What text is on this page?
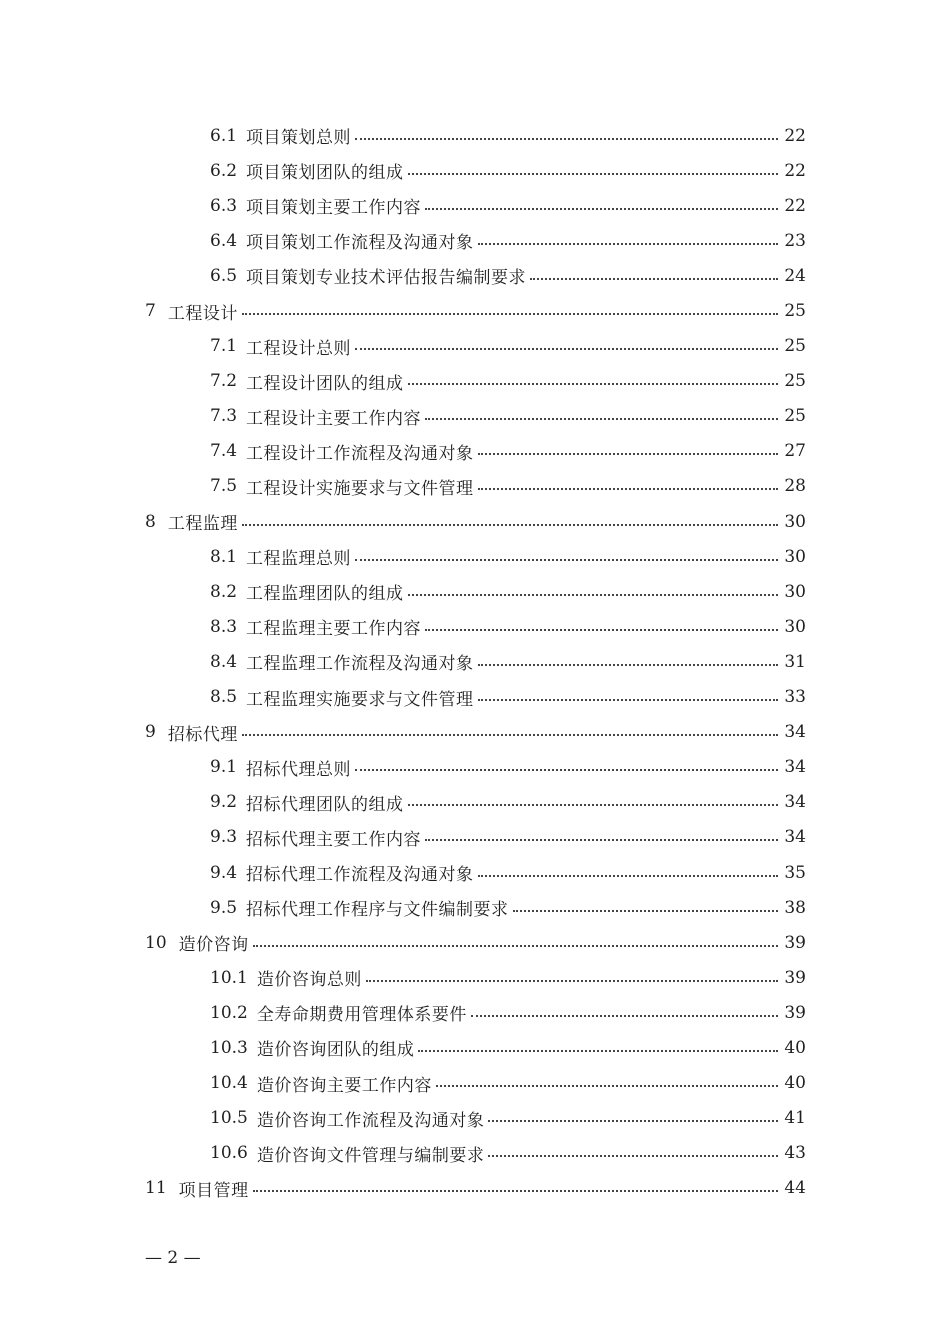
6.1 项目策划总则	22
6.2 项目策划团队的组成	22
6.3 项目策划主要工作内容	22
6.4 项目策划工作流程及沟通对象	23
6.5 项目策划专业技术评估报告编制要求	24
7 工程设计	25
7.1 工程设计总则	25
7.2 工程设计团队的组成	25
7.3 工程设计主要工作内容	25
7.4 工程设计工作流程及沟通对象	27
7.5 工程设计实施要求与文件管理	28
8 工程监理	30
8.1 工程监理总则	30
8.2 工程监理团队的组成	30
8.3 工程监理主要工作内容	30
8.4 工程监理工作流程及沟通对象	31
8.5 工程监理实施要求与文件管理	33
9 招标代理	34
9.1 招标代理总则	34
9.2 招标代理团队的组成	34
9.3 招标代理主要工作内容	34
9.4 招标代理工作流程及沟通对象	35
9.5 招标代理工作程序与文件编制要求	38
10 造价咨询	39
10.1 造价咨询总则	39
10.2 全寿命期费用管理体系要件	39
10.3 造价咨询团队的组成	40
10.4 造价咨询主要工作内容	40
10.5 造价咨询工作流程及沟通对象	41
10.6 造价咨询文件管理与编制要求	43
11 项目管理	44
— 2 —
